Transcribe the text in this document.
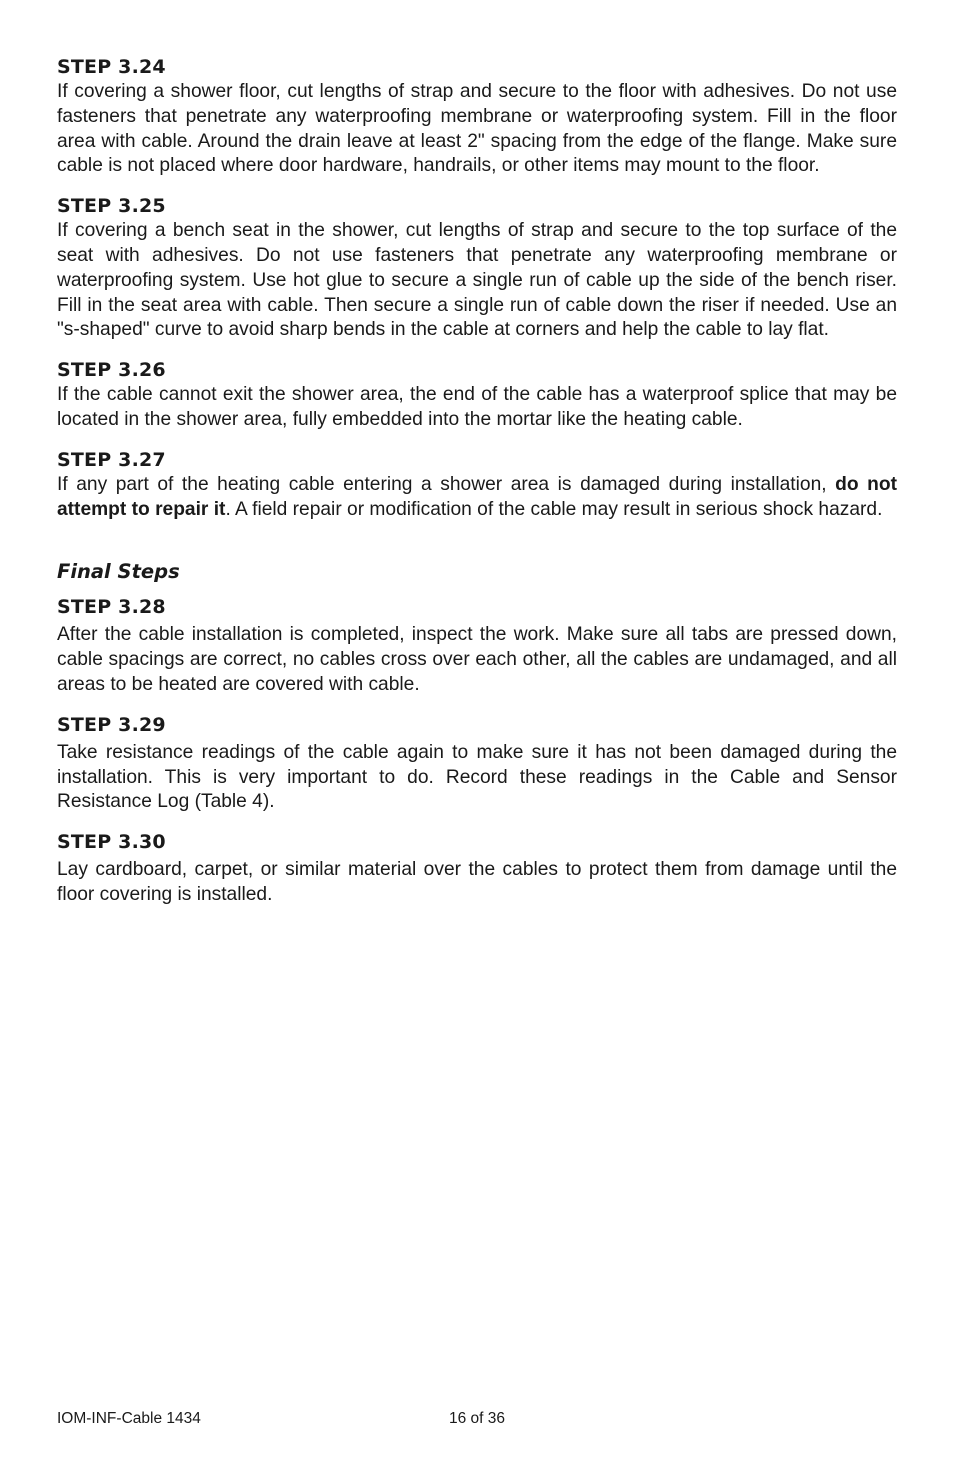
STEP 3.24

If covering a shower floor, cut lengths of strap and secure to the floor with adhesives. Do not use fasteners that penetrate any waterproofing membrane or waterproofing system. Fill in the floor area with cable. Around the drain leave at least 2" spacing from the edge of the flange. Make sure cable is not placed where door hardware, handrails, or other items may mount to the floor.

STEP 3.25

If covering a bench seat in the shower, cut lengths of strap and secure to the top surface of the seat with adhesives. Do not use fasteners that penetrate any waterproofing membrane or waterproofing system. Use hot glue to secure a single run of cable up the side of the bench riser. Fill in the seat area with cable. Then secure a single run of cable down the riser if needed. Use an "s-shaped" curve to avoid sharp bends in the cable at corners and help the cable to lay flat.

STEP 3.26

If the cable cannot exit the shower area, the end of the cable has a waterproof splice that may be located in the shower area, fully embedded into the mortar like the heating cable.

STEP 3.27

If any part of the heating cable entering a shower area is damaged during installation, do not attempt to repair it. A field repair or modification of the cable may result in serious shock hazard.

Final Steps
STEP 3.28

After the cable installation is completed, inspect the work. Make sure all tabs are pressed down, cable spacings are correct, no cables cross over each other, all the cables are undamaged, and all areas to be heated are covered with cable.

STEP 3.29

Take resistance readings of the cable again to make sure it has not been damaged during the installation. This is very important to do. Record these readings in the Cable and Sensor Resistance Log (Table 4).

STEP 3.30

Lay cardboard, carpet, or similar material over the cables to protect them from damage until the floor covering is installed.

IOM-INF-Cable 1434	16 of 36
